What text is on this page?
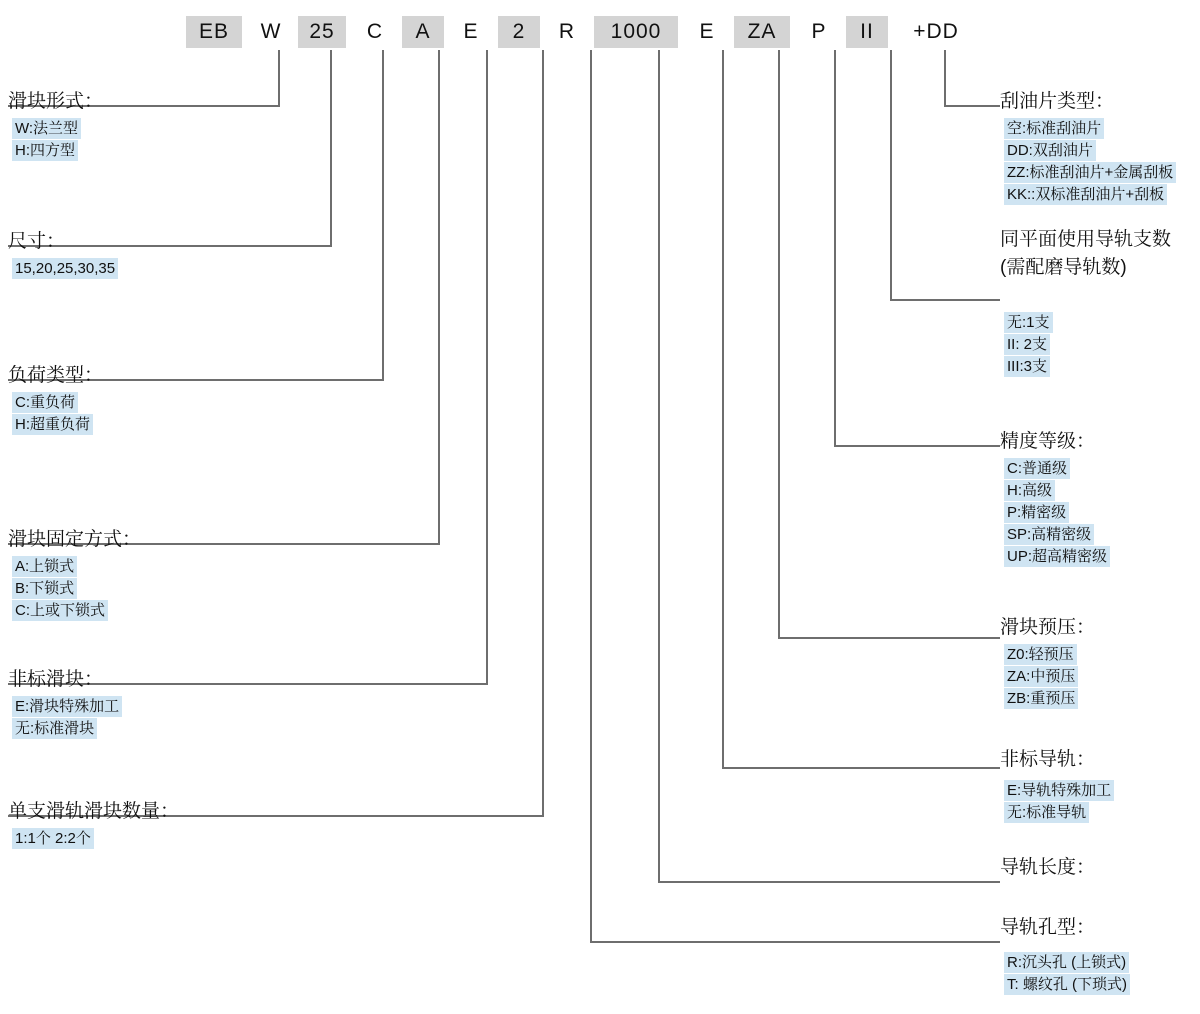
EB	W	25	C	A	E	2	R	1000	E	ZA	P	II	+DD
滑块形式：
W:法兰型
H:四方型
尺寸：
15,20,25,30,35
负荷类型：
C:重负荷
H:超重负荷
滑块固定方式：
A:上锁式
B:下锁式
C:上或下锁式
非标滑块：
E:滑块特殊加工
无:标准滑块
单支滑轨滑块数量：
1:1个 2:2个
刮油片类型：
空:标准刮油片
DD:双刮油片
ZZ:标准刮油片+金属刮板
KK::双标准刮油片+刮板
同平面使用导轨支数
(需配磨导轨数)
无:1支
II: 2支
III:3支
精度等级：
C:普通级
H:高级
P:精密级
SP:高精密级
UP:超高精密级
滑块预压：
Z0:轻预压
ZA:中预压
ZB:重预压
非标导轨：
E:导轨特殊加工
无:标准导轨
导轨长度：
导轨孔型：
R:沉头孔 (上锁式)
T: 螺纹孔 (下琐式)
